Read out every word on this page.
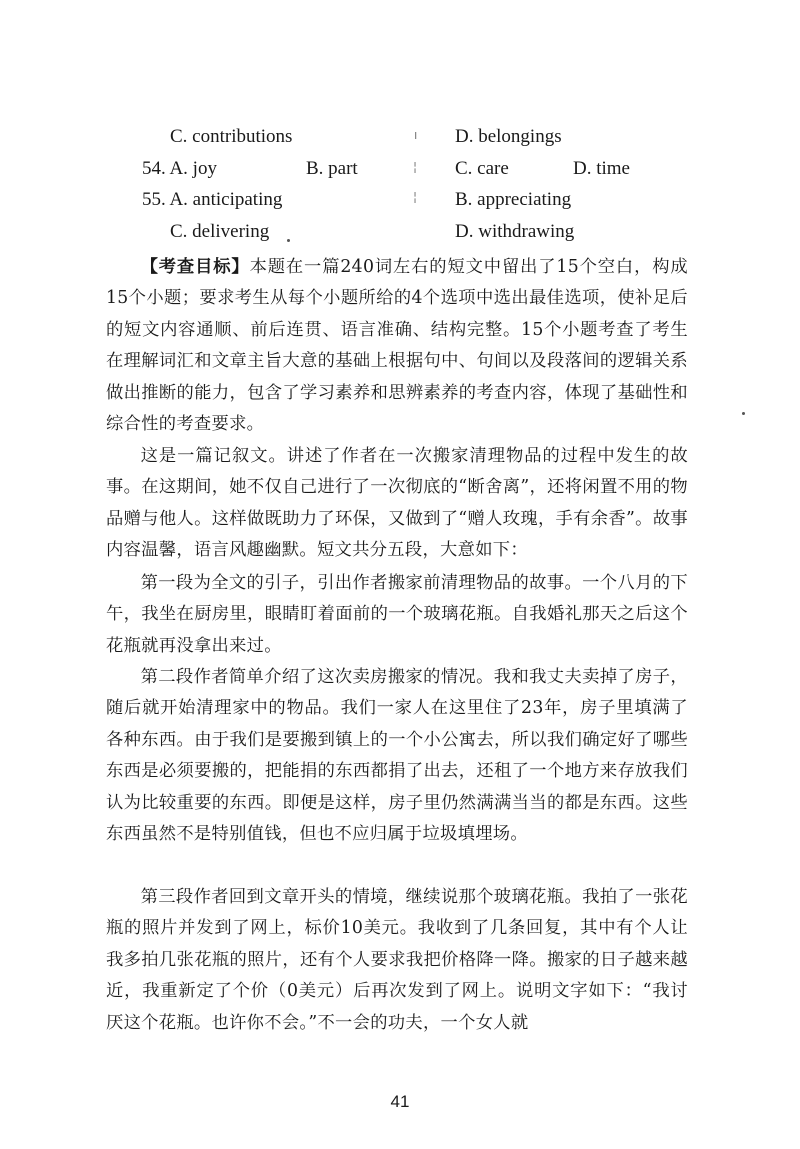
C. contributions	D. belongings
54. A. joy	B. part	C. care	D. time
55. A. anticipating	B. appreciating
C. delivering	D. withdrawing
ı
¦
¦
【考查目标】本题在一篇240词左右的短文中留出了15个空白，构成15个小题；要求考生从每个小题所给的4个选项中选出最佳选项，使补足后的短文内容通顺、前后连贯、语言准确、结构完整。15个小题考查了考生在理解词汇和文章主旨大意的基础上根据句中、句间以及段落间的逻辑关系做出推断的能力，包含了学习素养和思辨素养的考查内容，体现了基础性和综合性的考查要求。
这是一篇记叙文。讲述了作者在一次搬家清理物品的过程中发生的故事。在这期间，她不仅自己进行了一次彻底的“断舍离”，还将闲置不用的物品赠与他人。这样做既助力了环保，又做到了“赠人玫瑰，手有余香”。故事内容温馨，语言风趣幽默。短文共分五段，大意如下：
第一段为全文的引子，引出作者搬家前清理物品的故事。一个八月的下午，我坐在厨房里，眼睛盯着面前的一个玻璃花瓶。自我婚礼那天之后这个花瓶就再没拿出来过。
第二段作者简单介绍了这次卖房搬家的情况。我和我丈夫卖掉了房子，随后就开始清理家中的物品。我们一家人在这里住了23年，房子里填满了各种东西。由于我们是要搬到镇上的一个小公寓去，所以我们确定好了哪些东西是必须要搬的，把能捐的东西都捐了出去，还租了一个地方来存放我们认为比较重要的东西。即便是这样，房子里仍然满满当当的都是东西。这些东西虽然不是特别值钱，但也不应归属于垃圾填埋场。
第三段作者回到文章开头的情境，继续说那个玻璃花瓶。我拍了一张花瓶的照片并发到了网上，标价10美元。我收到了几条回复，其中有个人让我多拍几张花瓶的照片，还有个人要求我把价格降一降。搬家的日子越来越近，我重新定了个价（0美元）后再次发到了网上。说明文字如下：“我讨厌这个花瓶。也许你不会。”不一会的功夫，一个女人就
41
